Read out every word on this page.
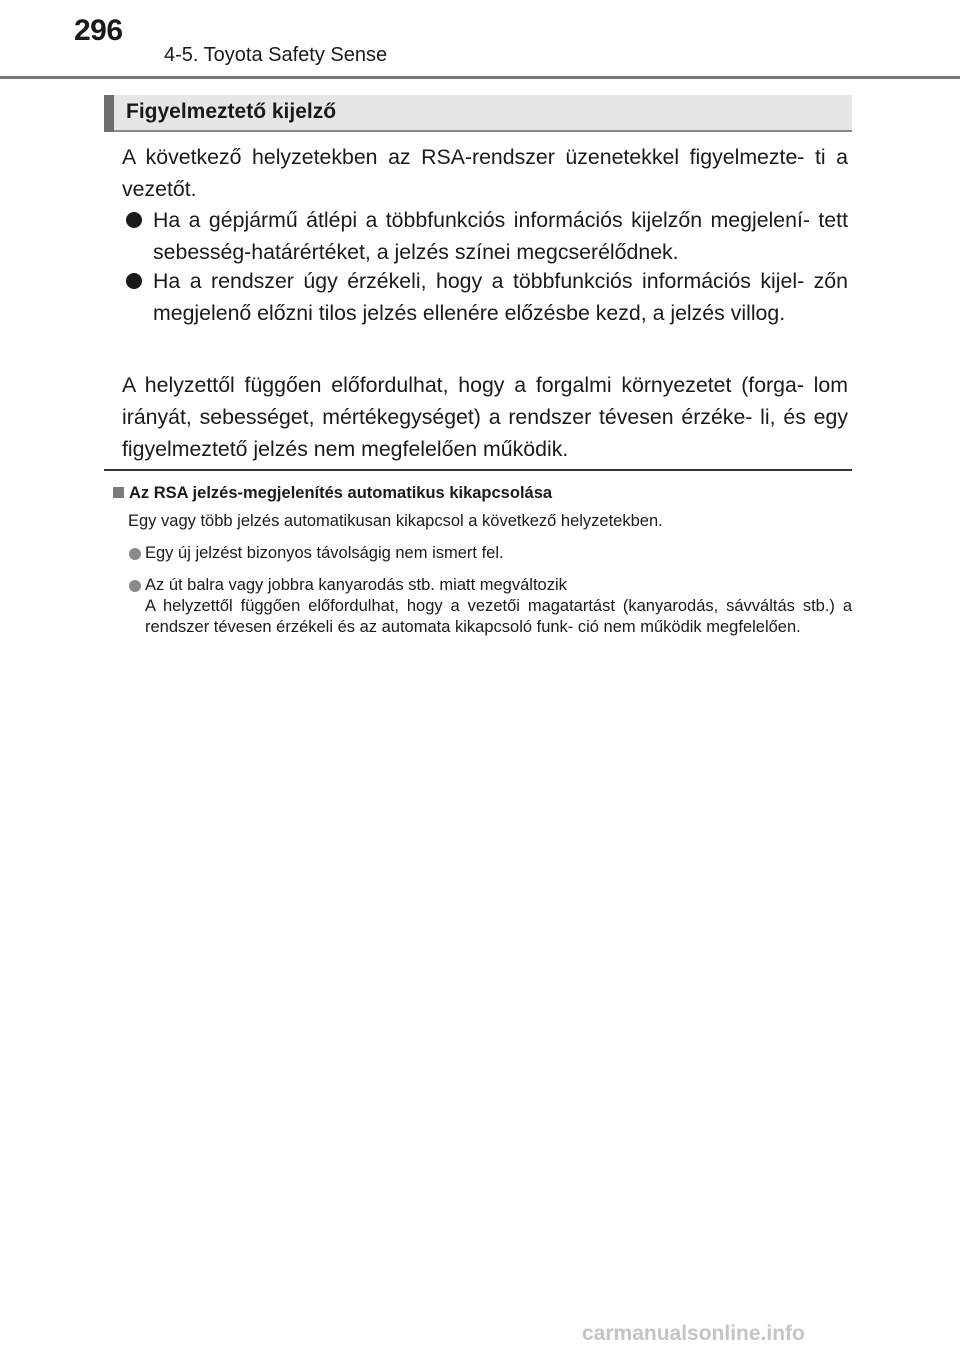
296
4-5. Toyota Safety Sense
Figyelmeztető kijelző
A következő helyzetekben az RSA-rendszer üzenetekkel figyelmezte- ti a vezetőt.
Ha a gépjármű átlépi a többfunkciós információs kijelzőn megjelení- tett sebesség-határértéket, a jelzés színei megcserélődnek.
Ha a rendszer úgy érzékeli, hogy a többfunkciós információs kijel- zőn megjelenő előzni tilos jelzés ellenére előzésbe kezd, a jelzés villog.
A helyzettől függően előfordulhat, hogy a forgalmi környezetet (forga- lom irányát, sebességet, mértékegységet) a rendszer tévesen érzéke- li, és egy figyelmeztető jelzés nem megfelelően működik.
Az RSA jelzés-megjelenítés automatikus kikapcsolása
Egy vagy több jelzés automatikusan kikapcsol a következő helyzetekben.
Egy új jelzést bizonyos távolságig nem ismert fel.
Az út balra vagy jobbra kanyarodás stb. miatt megváltozik
A helyzettől függően előfordulhat, hogy a vezetői magatartást (kanyarodás, sávváltás stb.) a rendszer tévesen érzékeli és az automata kikapcsoló funk- ció nem működik megfelelően.
carmanualsonline.info
